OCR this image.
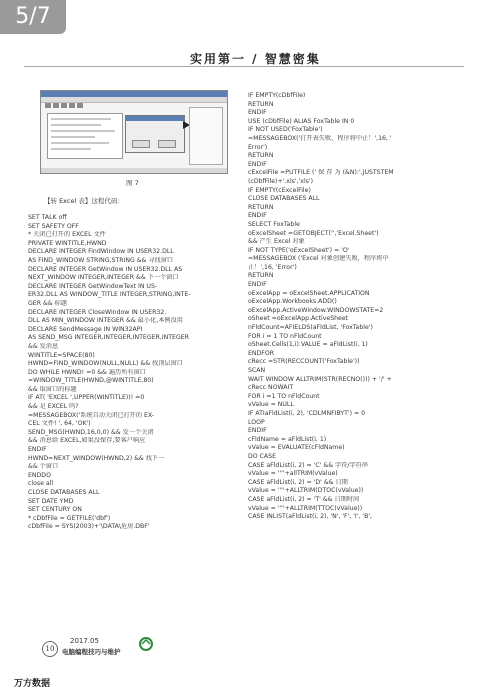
5/7
实用第一 / 智慧密集
图 7
【转 Excel 表】这程代码：
SET TALK off
SET SAFETY OFF
* 关闭已打开的 EXCEL 文件
PRIVATE WINTITLE,HWND
DECLARE INTEGER FindWindow IN USER32.DLL
AS FIND_WINDOW STRING,STRING && 寻找窗口
DECLARE INTEGER GetWindow IN USER32.DLL AS
NEXT_WINDOW INTEGER,INTEGER && 下一个窗口
DECLARE INTEGER GetWindowText IN US-
ER32.DLL AS WINDOW_TITLE INTEGER,STRING,INTE-
GER && 标题
DECLARE INTEGER CloseWindow IN USER32.
DLL AS MIN_WINDOW INTEGER && 最小化,本例没用
DECLARE SendMessage IN WIN32API
AS SEND_MSG INTEGER,INTEGER,INTEGER,INTEGER
&& 发消息
WINTITLE=SPACE(80)
HWND=FIND_WINDOW(NULL,NULL) && 找顶层窗口
DO WHILE HWND! =0 && 遍历所有窗口
=WINDOW_TITLE(HWND,@WINTITLE,80)
&& 取窗口的标题
IF AT( 'EXCEL ',UPPER(WINTITLE))! =0
&& 是 EXCEL 吗?
=MESSAGEBOX('系统自动关闭已打开的 EX-
CEL 文件! ', 64, 'OK')
SEND_MSG(HWND,16,0,0) && 发一个关闭
&& 消息给 EXCEL,如果没保存,要客户响应
ENDIF
HWND=NEXT_WINDOW(HWND,2) && 找下一
&& 个窗口
ENDDO
close all
CLOSE DATABASES ALL
SET DATE YMD
SET CENTURY ON
* cDbfFile = GETFILE('dbf')
cDbfFile = SYS(2003)+'\DATA\危房.DBF'
IF EMPTY(cDbfFile)
RETURN
ENDIF
USE (cDbfFile) ALIAS FoxTable IN 0
IF NOT USED('FoxTable')
=MESSAGEBOX('打开表失败，程序将中止！',16, '
Error')
RETURN
ENDIF
cExcelFile =PUTFILE (' 保 存 为 (&N):',JUSTSTEM
(cDbfFile)+'.xls','xls')
IF EMPTY(cExcelFile)
CLOSE DATABASES ALL
RETURN
ENDIF
SELECT FoxTable
oExcelSheet =GETOBJECT('','Excel.Sheet')
&& 产生 Excel 对象
IF NOT TYPE('oExcelSheet') = 'O'
=MESSAGEBOX ('Excel 对象创建失败，程序将中
止！',16, 'Error')
RETURN
ENDIF
oExcelApp = oExcelSheet.APPLICATION
oExcelApp.Workbooks.ADD()
oExcelApp.ActiveWindow.WINDOWSTATE=2
oSheet =oExcelApp.ActiveSheet
nFldCount=AFIELDS(aFldList, 'FoxTable')
FOR i = 1 TO nFldCount
oSheet.Cells(1,i).VALUE = aFldList(i, 1)
ENDFOR
cRecc =STR(RECCOUNT('FoxTable'))
SCAN
WAIT WINDOW ALLTRIM(STR(RECNO())) + '/' +
cRecc NOWAIT
FOR i =1 TO nFldCount
vValue = NULL
IF ATIaFldList(i, 2), 'CDLMNFIBYT') = 0
LOOP
ENDIF
cFldName = aFldList(i, 1)
vValue = EVALUATE(cFldName)
DO CASE
CASE aFldList(i, 2) = 'C' && 字符/字符串
vValue = ''''+allTRIM(vValue)
CASE aFldList(i, 2) = 'D' && 日期
vValue = ''''+ALLTRIM(DTOC(vValue))
CASE aFldList(i, 2) = 'T' && 日期时间
vValue = ''''+ALLTRIM(TTOC(vValue))
CASE INLIST(aFldList(i, 2), 'N', 'F', 'I', 'B',
10
2017.05
电脑编程技巧与维护
万方数据
